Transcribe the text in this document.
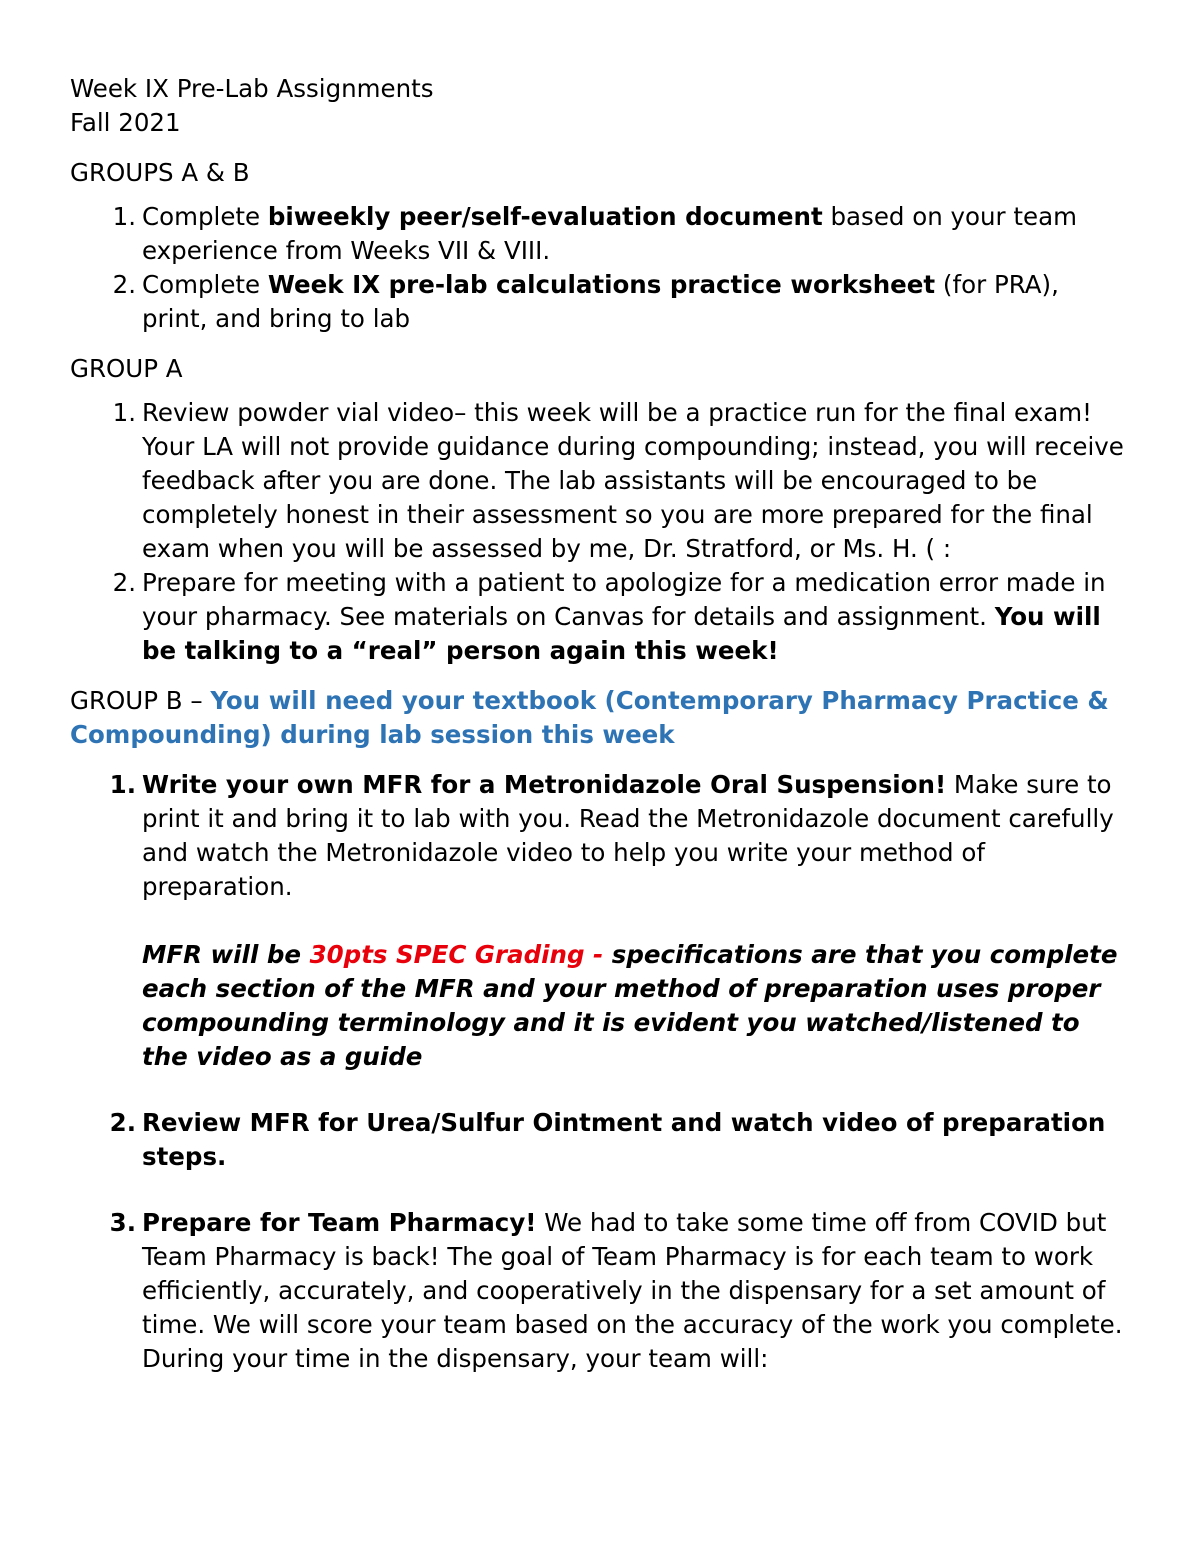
Week IX Pre-Lab Assignments

Fall 2021

GROUPS A & B

1. Complete biweekly peer/self-evaluation document based on your team experience from Weeks VII & VIII.
2. Complete Week IX pre-lab calculations practice worksheet (for PRA), print, and bring to lab

GROUP A

1. Review powder vial video– this week will be a practice run for the final exam! Your LA will not provide guidance during compounding; instead, you will receive feedback after you are done. The lab assistants will be encouraged to be completely honest in their assessment so you are more prepared for the final exam when you will be assessed by me, Dr. Stratford, or Ms. H. ( :
2. Prepare for meeting with a patient to apologize for a medication error made in your pharmacy. See materials on Canvas for details and assignment. You will be talking to a “real” person again this week!

GROUP B – You will need your textbook (Contemporary Pharmacy Practice & Compounding) during lab session this week

1. Write your own MFR for a Metronidazole Oral Suspension! Make sure to print it and bring it to lab with you. Read the Metronidazole document carefully and watch the Metronidazole video to help you write your method of preparation.

MFR will be 30pts SPEC Grading - specifications are that you complete each section of the MFR and your method of preparation uses proper compounding terminology and it is evident you watched/listened to the video as a guide

2. Review MFR for Urea/Sulfur Ointment and watch video of preparation steps.
3. Prepare for Team Pharmacy! We had to take some time off from COVID but Team Pharmacy is back! The goal of Team Pharmacy is for each team to work efficiently, accurately, and cooperatively in the dispensary for a set amount of time. We will score your team based on the accuracy of the work you complete. During your time in the dispensary, your team will:
